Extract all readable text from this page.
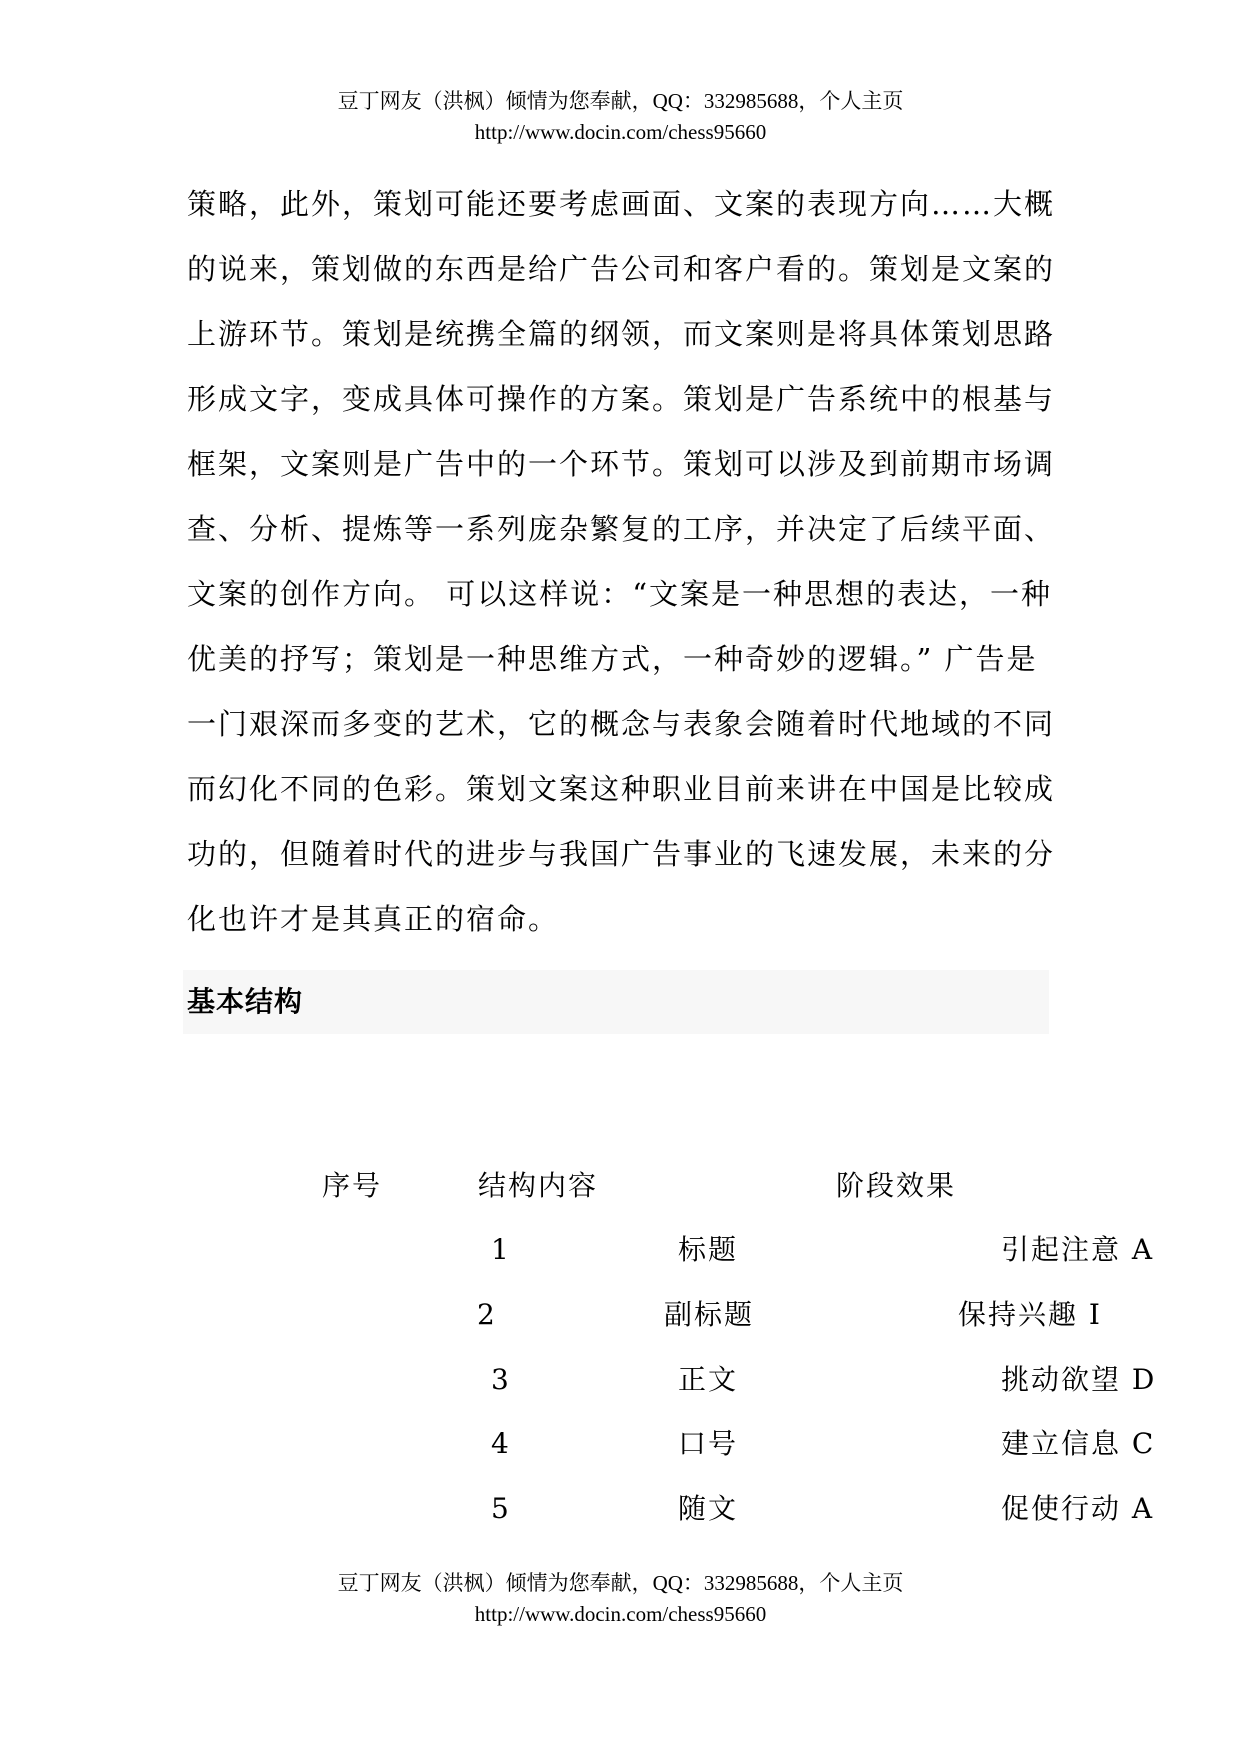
豆丁网友（洪枫）倾情为您奉献，QQ：332985688，个人主页
http://www.docin.com/chess95660
策略，此外，策划可能还要考虑画面、文案的表现方向……大概
的说来，策划做的东西是给广告公司和客户看的。策划是文案的
上游环节。策划是统携全篇的纲领，而文案则是将具体策划思路
形成文字，变成具体可操作的方案。策划是广告系统中的根基与
框架，文案则是广告中的一个环节。策划可以涉及到前期市场调
查、分析、提炼等一系列庞杂繁复的工序，并决定了后续平面、
文案的创作方向。 可以这样说：“文案是一种思想的表达，一种
优美的抒写；策划是一种思维方式，一种奇妙的逻辑。” 广告是
一门艰深而多变的艺术，它的概念与表象会随着时代地域的不同
而幻化不同的色彩。策划文案这种职业目前来讲在中国是比较成
功的，但随着时代的进步与我国广告事业的飞速发展，未来的分
化也许才是其真正的宿命。
基本结构
序号	结构内容	阶段效果
1	标题	引起注意 A
2	副标题	保持兴趣 I
3	正文	挑动欲望 D
4	口号	建立信息 C
5	随文	促使行动 A
豆丁网友（洪枫）倾情为您奉献，QQ：332985688，个人主页
http://www.docin.com/chess95660
